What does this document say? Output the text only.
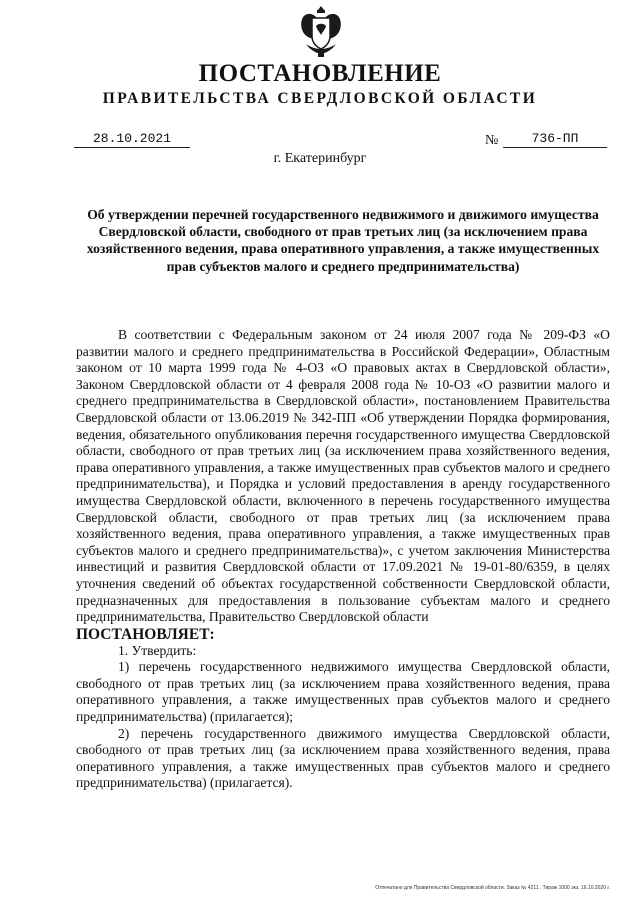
ПОСТАНОВЛЕНИЕ
ПРАВИТЕЛЬСТВА СВЕРДЛОВСКОЙ ОБЛАСТИ
28.10.2021	№	736-ПП
г. Екатеринбург
Об утверждении перечней государственного недвижимого и движимого имущества Свердловской области, свободного от прав третьих лиц (за исключением права хозяйственного ведения, права оперативного управления, а также имущественных прав субъектов малого и среднего предпринимательства)

В соответствии с Федеральным законом от 24 июля 2007 года № 209-ФЗ «О развитии малого и среднего предпринимательства в Российской Федерации», Областным законом от 10 марта 1999 года № 4-ОЗ «О правовых актах в Свердловской области», Законом Свердловской области от 4 февраля 2008 года № 10-ОЗ «О развитии малого и среднего предпринимательства в Свердловской области», постановлением Правительства Свердловской области от 13.06.2019 № 342-ПП «Об утверждении Порядка формирования, ведения, обязательного опубликования перечня государственного имущества Свердловской области, свободного от прав третьих лиц (за исключением права хозяйственного ведения, права оперативного управления, а также имущественных прав субъектов малого и среднего предпринимательства), и Порядка и условий предоставления в аренду государственного имущества Свердловской области, включенного в перечень государственного имущества Свердловской области, свободного от прав третьих лиц (за исключением права хозяйственного ведения, права оперативного управления, а также имущественных прав субъектов малого и среднего предпринимательства)», с учетом заключения Министерства инвестиций и развития Свердловской области от 17.09.2021 № 19-01-80/6359, в целях уточнения сведений об объектах государственной собственности Свердловской области, предназначенных для предоставления в пользование субъектам малого и среднего предпринимательства, Правительство Свердловской области

ПОСТАНОВЛЯЕТ:

1. Утвердить:

1) перечень государственного недвижимого имущества Свердловской области, свободного от прав третьих лиц (за исключением права хозяйственного ведения, права оперативного управления, а также имущественных прав субъектов малого и среднего предпринимательства) (прилагается);

2) перечень государственного движимого имущества Свердловской области, свободного от прав третьих лиц (за исключением права хозяйственного ведения, права оперативного управления, а также имущественных прав субъектов малого и среднего предпринимательства) (прилагается).

Отпечатано для Правительства Свердловской области. Заказ № 4211 . Тираж 1000 экз. 16.10.2020 г.
